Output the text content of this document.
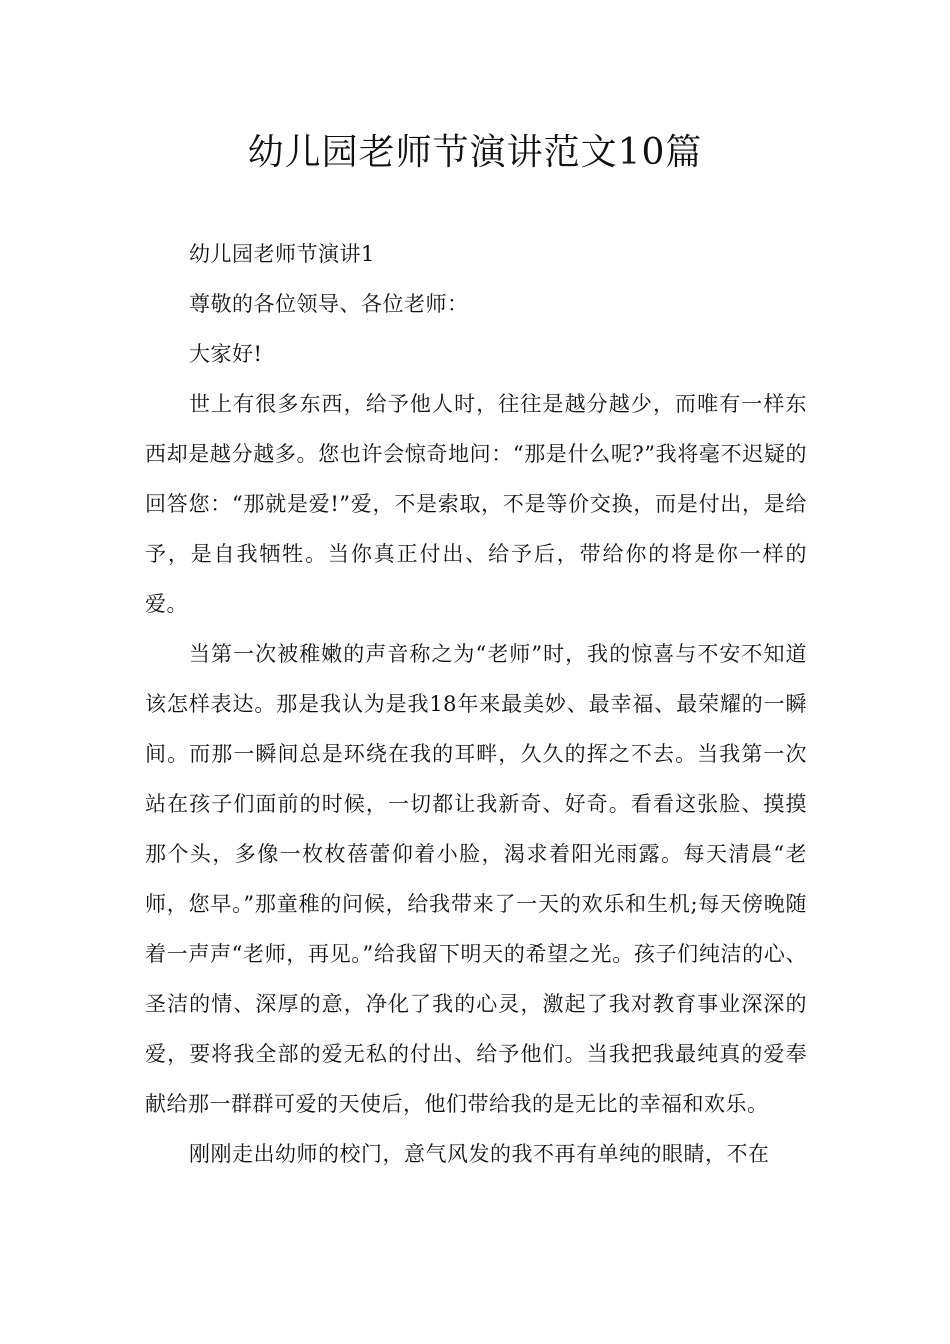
幼儿园老师节演讲范文10篇

幼儿园老师节演讲1

尊敬的各位领导、各位老师：

大家好!

世上有很多东西，给予他人时，往往是越分越少，而唯有一样东西却是越分越多。您也许会惊奇地问：“那是什么呢?”我将毫不迟疑的回答您：“那就是爱!”爱，不是索取，不是等价交换，而是付出，是给予，是自我牺牲。当你真正付出、给予后，带给你的将是你一样的爱。

当第一次被稚嫩的声音称之为“老师”时，我的惊喜与不安不知道该怎样表达。那是我认为是我18年来最美妙、最幸福、最荣耀的一瞬间。而那一瞬间总是环绕在我的耳畔，久久的挥之不去。当我第一次站在孩子们面前的时候，一切都让我新奇、好奇。看看这张脸、摸摸那个头，多像一枚枚蓓蕾仰着小脸，渴求着阳光雨露。每天清晨“老师，您早。”那童稚的问候，给我带来了一天的欢乐和生机;每天傍晚随着一声声“老师，再见。”给我留下明天的希望之光。孩子们纯洁的心、圣洁的情、深厚的意，净化了我的心灵，激起了我对教育事业深深的爱，要将我全部的爱无私的付出、给予他们。当我把我最纯真的爱奉献给那一群群可爱的天使后，他们带给我的是无比的幸福和欢乐。

刚刚走出幼师的校门，意气风发的我不再有单纯的眼睛，不在
